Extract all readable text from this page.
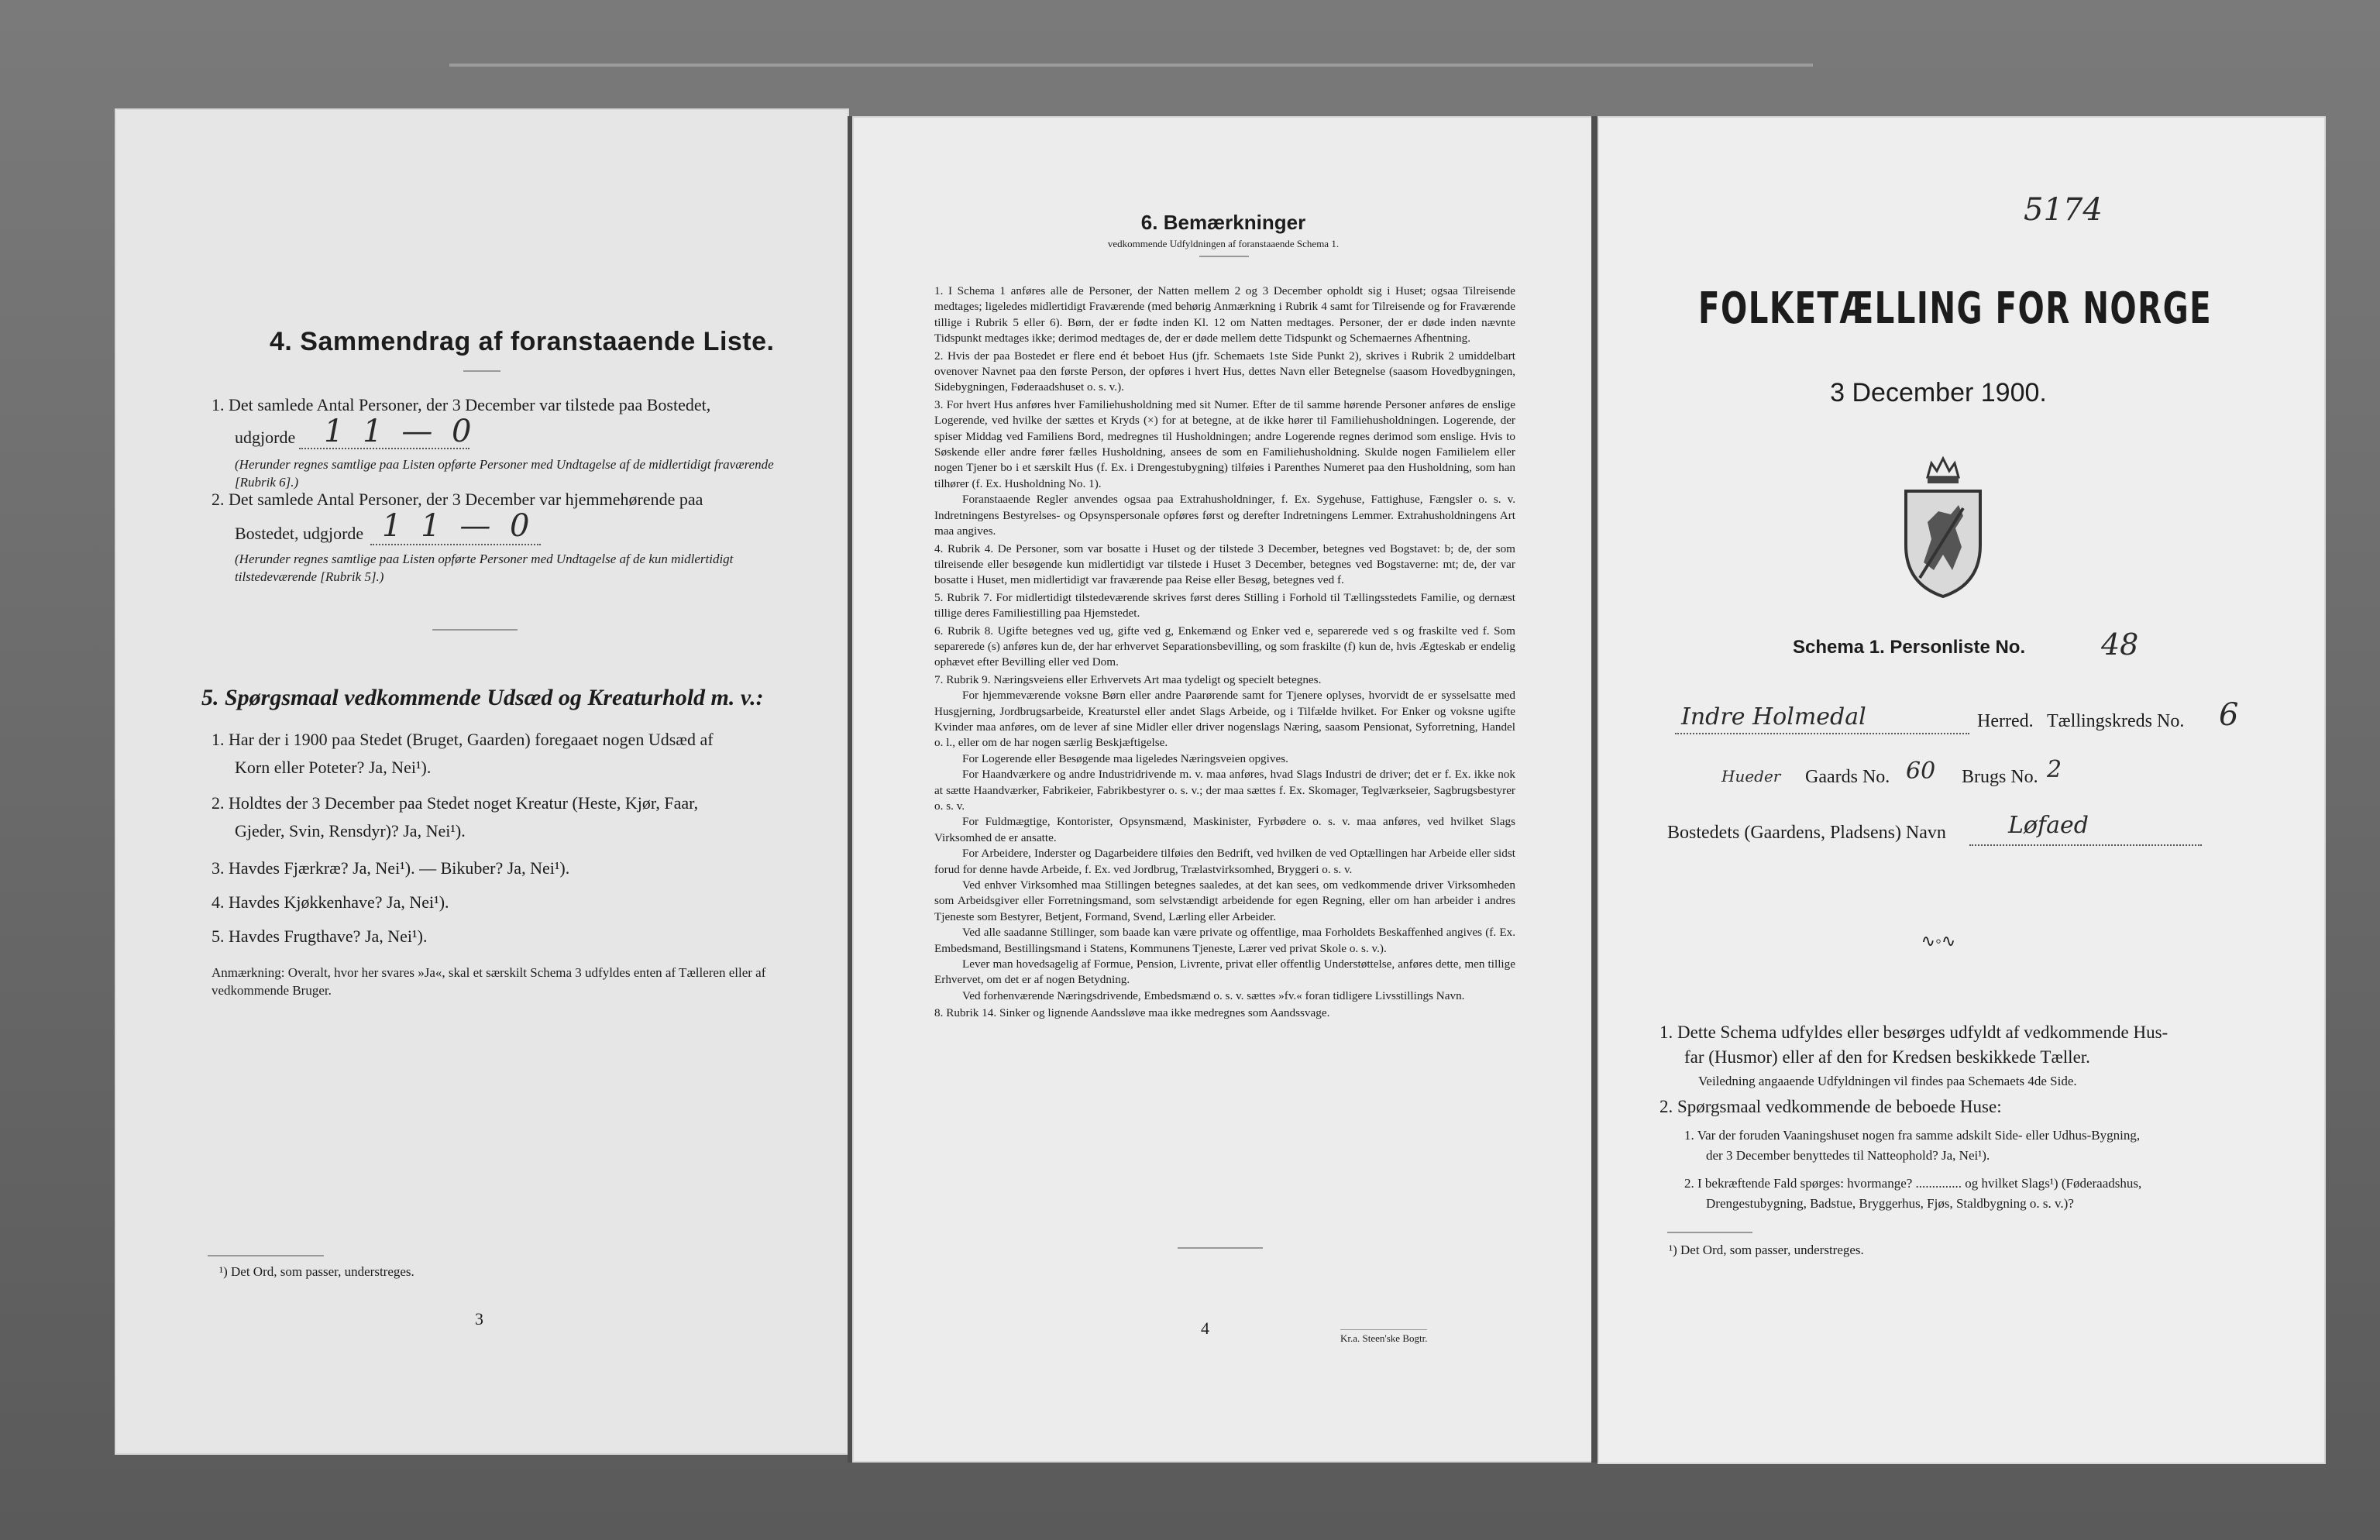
4. Sammendrag af foranstaaende Liste.
1. Det samlede Antal Personer, der 3 December var tilstede paa Bostedet,
udgjorde 1 1 — 0
(Herunder regnes samtlige paa Listen opførte Personer med Undtagelse af de midlertidigt fraværende [Rubrik 6].)
2. Det samlede Antal Personer, der 3 December var hjemmehørende paa
Bostedet, udgjorde 1 1 — 0
(Herunder regnes samtlige paa Listen opførte Personer med Undtagelse af de kun midlertidigt tilstedeværende [Rubrik 5].)
5. Spørgsmaal vedkommende Udsæd og Kreaturhold m. v.:
1. Har der i 1900 paa Stedet (Bruget, Gaarden) foregaaet nogen Udsæd af
Korn eller Poteter? Ja, Nei¹).
2. Holdtes der 3 December paa Stedet noget Kreatur (Heste, Kjør, Faar,
Gjeder, Svin, Rensdyr)? Ja, Nei¹).
3. Havdes Fjærkræ? Ja, Nei¹). — Bikuber? Ja, Nei¹).
4. Havdes Kjøkkenhave? Ja, Nei¹).
5. Havdes Frugthave? Ja, Nei¹).
Anmærkning: Overalt, hvor her svares »Ja«, skal et særskilt Schema 3 udfyldes enten af Tælleren eller af vedkommende Bruger.
¹) Det Ord, som passer, understreges.
3
6. Bemærkninger
vedkommende Udfyldningen af foranstaaende Schema 1.
1. I Schema 1 anføres alle de Personer, der Natten mellem 2 og 3 December opholdt sig i Huset; ogsaa Tilreisende medtages; ligeledes midlertidigt Fraværende (med behørig Anmærkning i Rubrik 4 samt for Tilreisende og for Fraværende tillige i Rubrik 5 eller 6). Børn, der er fødte inden Kl. 12 om Natten medtages. Personer, der er døde inden nævnte Tidspunkt medtages ikke; derimod medtages de, der er døde mellem dette Tidspunkt og Schemaernes Afhentning.
2. Hvis der paa Bostedet er flere end ét beboet Hus (jfr. Schemaets 1ste Side Punkt 2), skrives i Rubrik 2 umiddelbart ovenover Navnet paa den første Person, der opføres i hvert Hus, dettes Navn eller Betegnelse (saasom Hovedbygningen, Sidebygningen, Føderaadshuset o. s. v.).
3. For hvert Hus anføres hver Familiehusholdning med sit Numer. Efter de til samme hørende Personer anføres de enslige Logerende, ved hvilke der sættes et Kryds (×) for at betegne, at de ikke hører til Familiehusholdningen. Logerende, der spiser Middag ved Familiens Bord, medregnes til Husholdningen; andre Logerende regnes derimod som enslige. Hvis to Søskende eller andre fører fælles Husholdning, ansees de som en Familiehusholdning. Skulde nogen Familielem eller nogen Tjener bo i et særskilt Hus (f. Ex. i Drengestubygning) tilføies i Parenthes Numeret paa den Husholdning, som han tilhører (f. Ex. Husholdning No. 1).
Foranstaaende Regler anvendes ogsaa paa Extrahusholdninger, f. Ex. Sygehuse, Fattighuse, Fængsler o. s. v. Indretningens Bestyrelses- og Opsynspersonale opføres først og derefter Indretningens Lemmer. Extrahusholdningens Art maa angives.
4. Rubrik 4. De Personer, som var bosatte i Huset og der tilstede 3 December, betegnes ved Bogstavet: b; de, der som tilreisende eller besøgende kun midlertidigt var tilstede i Huset 3 December, betegnes ved Bogstaverne: mt; de, der var bosatte i Huset, men midlertidigt var fraværende paa Reise eller Besøg, betegnes ved f.
5. Rubrik 7. For midlertidigt tilstedeværende skrives først deres Stilling i Forhold til Tællingsstedets Familie, og dernæst tillige deres Familiestilling paa Hjemstedet.
6. Rubrik 8. Ugifte betegnes ved ug, gifte ved g, Enkemænd og Enker ved e, separerede ved s og fraskilte ved f. Som separerede (s) anføres kun de, der har erhvervet Separationsbevilling, og som fraskilte (f) kun de, hvis Ægteskab er endelig ophævet efter Bevilling eller ved Dom.
7. Rubrik 9. Næringsveiens eller Erhvervets Art maa tydeligt og specielt betegnes.
For hjemmeværende voksne Børn eller andre Paarørende samt for Tjenere oplyses, hvorvidt de er sysselsatte med Husgjerning, Jordbrugsarbeide, Kreaturstel eller andet Slags Arbeide, og i Tilfælde hvilket. For Enker og voksne ugifte Kvinder maa anføres, om de lever af sine Midler eller driver nogenslags Næring, saasom Pensionat, Syforretning, Handel o. l., eller om de har nogen særlig Beskjæftigelse.
For Logerende eller Besøgende maa ligeledes Næringsveien opgives.
For Haandværkere og andre Industridrivende m. v. maa anføres, hvad Slags Industri de driver; det er f. Ex. ikke nok at sætte Haandværker, Fabrikeier, Fabrikbestyrer o. s. v.; der maa sættes f. Ex. Skomager, Teglværkseier, Sagbrugsbestyrer o. s. v.
For Fuldmægtige, Kontorister, Opsynsmænd, Maskinister, Fyrbødere o. s. v. maa anføres, ved hvilket Slags Virksomhed de er ansatte.
For Arbeidere, Inderster og Dagarbeidere tilføies den Bedrift, ved hvilken de ved Optællingen har Arbeide eller sidst forud for denne havde Arbeide, f. Ex. ved Jordbrug, Trælastvirksomhed, Bryggeri o. s. v.
Ved enhver Virksomhed maa Stillingen betegnes saaledes, at det kan sees, om vedkommende driver Virksomheden som Arbeidsgiver eller Forretningsmand, som selvstændigt arbeidende for egen Regning, eller om han arbeider i andres Tjeneste som Bestyrer, Betjent, Formand, Svend, Lærling eller Arbeider.
Ved alle saadanne Stillinger, som baade kan være private og offentlige, maa Forholdets Beskaffenhed angives (f. Ex. Embedsmand, Bestillingsmand i Statens, Kommunens Tjeneste, Lærer ved privat Skole o. s. v.).
Lever man hovedsagelig af Formue, Pension, Livrente, privat eller offentlig Understøttelse, anføres dette, men tillige Erhvervet, om det er af nogen Betydning.
Ved forhenværende Næringsdrivende, Embedsmænd o. s. v. sættes »fv.« foran tidligere Livsstillings Navn.
8. Rubrik 14. Sinker og lignende Aandssløve maa ikke medregnes som Aandssvage.
4
Kr.a. Steen'ske Bogtr.
5174
FOLKETÆLLING FOR NORGE
3 December 1900.
Schema 1. Personliste No.	48
Indre Holmedal	Herred. Tællingskreds No. 6
Hueder Gaards No. 60 Brugs No. 2
Bostedets (Gaardens, Pladsens) Navn	Løfaed
∿◦∿
1. Dette Schema udfyldes eller besørges udfyldt af vedkommende Hus-
far (Husmor) eller af den for Kredsen beskikkede Tæller.
Veiledning angaaende Udfyldningen vil findes paa Schemaets 4de Side.
2. Spørgsmaal vedkommende de beboede Huse:
1. Var der foruden Vaaningshuset nogen fra samme adskilt Side- eller Udhus-Bygning,
der 3 December benyttedes til Natteophold? Ja, Nei¹).
2. I bekræftende Fald spørges: hvormange? .............. og hvilket Slags¹) (Føderaadshus,
Drengestubygning, Badstue, Bryggerhus, Fjøs, Staldbygning o. s. v.)?
¹) Det Ord, som passer, understreges.
